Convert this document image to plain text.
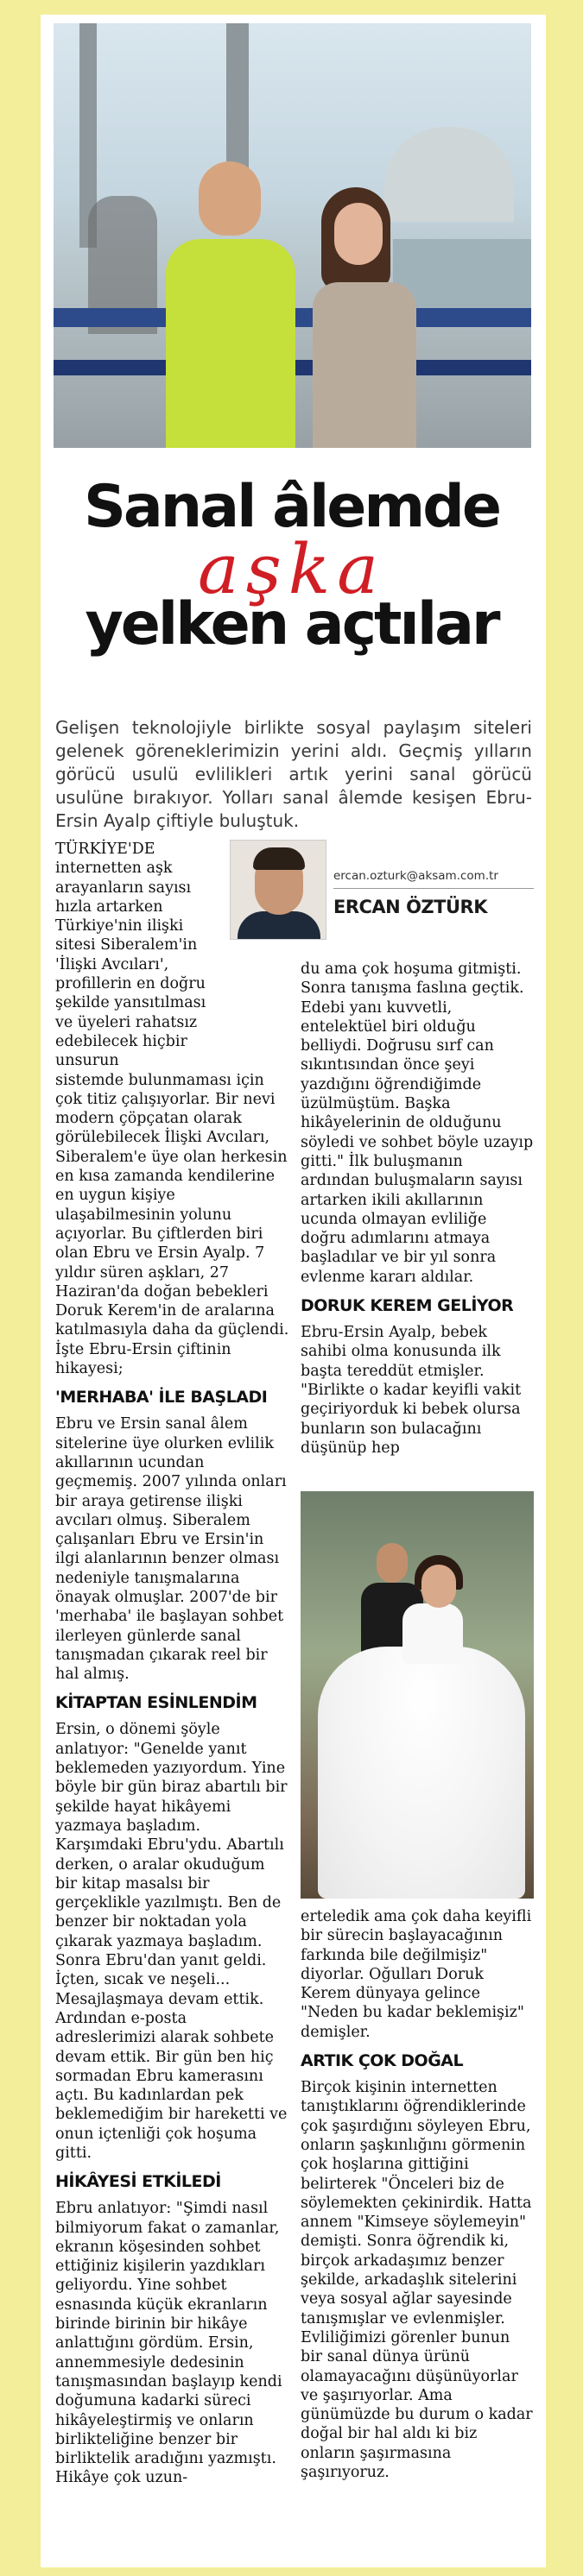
Sanal âlemde
aşka
yelken açtılar
Gelişen teknolojiyle birlikte sosyal paylaşım siteleri gelenek göreneklerimizin yerini aldı. Geçmiş yılların görücü usulü evlilikleri artık yerini sanal görücü usulüne bırakıyor. Yolları sanal âlemde kesişen Ebru-Ersin Ayalp çiftiyle buluştuk.
ercan.ozturk@aksam.com.tr
ERCAN ÖZTÜRK

TÜRKİYE'DE internetten aşk arayanların sayısı hızla artarken Türkiye'nin ilişki sitesi Siberalem'in 'İlişki Avcıları', profillerin en doğru şekilde yansıtılması ve üyeleri rahatsız edebilecek hiçbir unsurun

sistemde bulunmaması için çok titiz çalışıyorlar. Bir nevi modern çöpçatan olarak görülebilecek İlişki Avcıları, Siberalem'e üye olan herkesin en kısa zamanda kendilerine en uygun kişiye ulaşabilmesinin yolunu açıyorlar. Bu çiftlerden biri olan Ebru ve Ersin Ayalp. 7 yıldır süren aşkları, 27 Haziran'da doğan bebekleri Doruk Kerem'in de aralarına katılmasıyla daha da güçlendi. İşte Ebru-Ersin çiftinin hikayesi;

'MERHABA' İLE BAŞLADI

Ebru ve Ersin sanal âlem sitelerine üye olurken evlilik akıllarının ucundan geçmemiş. 2007 yılında onları bir araya getirense ilişki avcıları olmuş. Siberalem çalışanları Ebru ve Ersin'in ilgi alanlarının benzer olması nedeniyle tanışmalarına önayak olmuşlar. 2007'de bir 'merhaba' ile başlayan sohbet ilerleyen günlerde sanal tanışmadan çıkarak reel bir hal almış.

KİTAPTAN ESİNLENDİM

Ersin, o dönemi şöyle anlatıyor: "Genelde yanıt beklemeden yazıyordum. Yine böyle bir gün biraz abartılı bir şekilde hayat hikâyemi yazmaya başladım. Karşımdaki Ebru'ydu. Abartılı derken, o aralar okuduğum bir kitap masalsı bir gerçeklikle yazılmıştı. Ben de benzer bir noktadan yola çıkarak yazmaya başladım. Sonra Ebru'dan yanıt geldi. İçten, sıcak ve neşeli... Mesajlaşmaya devam ettik. Ardından e-posta adreslerimizi alarak sohbete devam ettik. Bir gün ben hiç sormadan Ebru kamerasını açtı. Bu kadınlardan pek beklemediğim bir hareketti ve onun içtenliği çok hoşuma gitti.

HİKÂYESİ ETKİLEDİ

Ebru anlatıyor: "Şimdi nasıl bilmiyorum fakat o zamanlar, ekranın köşesinden sohbet ettiğiniz kişilerin yazdıkları geliyordu. Yine sohbet esnasında küçük ekranların birinde birinin bir hikâye anlattığını gördüm. Ersin, annemmesiyle dedesinin tanışmasından başlayıp kendi doğumuna kadarki süreci hikâyeleştirmiş ve onların birlikteliğine benzer bir birliktelik aradığını yazmıştı. Hikâye çok uzun-

du ama çok hoşuma gitmişti. Sonra tanışma faslına geçtik. Edebi yanı kuvvetli, entelektüel biri olduğu belliydi. Doğrusu sırf can sıkıntısından önce şeyi yazdığını öğrendiğimde üzülmüştüm. Başka hikâyelerinin de olduğunu söyledi ve sohbet böyle uzayıp gitti." İlk buluşmanın ardından buluşmaların sayısı artarken ikili akıllarının ucunda olmayan evliliğe doğru adımlarını atmaya başladılar ve bir yıl sonra evlenme kararı aldılar.

DORUK KEREM GELİYOR

Ebru-Ersin Ayalp, bebek sahibi olma konusunda ilk başta tereddüt etmişler. "Birlikte o kadar keyifli vakit geçiriyorduk ki bebek olursa bunların son bulacağını düşünüp hep

erteledik ama çok daha keyifli bir sürecin başlayacağının farkında bile değilmişiz" diyorlar. Oğulları Doruk Kerem dünyaya gelince "Neden bu kadar beklemişiz" demişler.

ARTIK ÇOK DOĞAL

Birçok kişinin internetten tanıştıklarını öğrendiklerinde çok şaşırdığını söyleyen Ebru, onların şaşkınlığını görmenin çok hoşlarına gittiğini belirterek "Önceleri biz de söylemekten çekinirdik. Hatta annem "Kimseye söylemeyin" demişti. Sonra öğrendik ki, birçok arkadaşımız benzer şekilde, arkadaşlık sitelerini veya sosyal ağlar sayesinde tanışmışlar ve evlenmişler. Evliliğimizi görenler bunun bir sanal dünya ürünü olamayacağını düşünüyorlar ve şaşırıyorlar. Ama günümüzde bu durum o kadar doğal bir hal aldı ki biz onların şaşırmasına şaşırıyoruz.
